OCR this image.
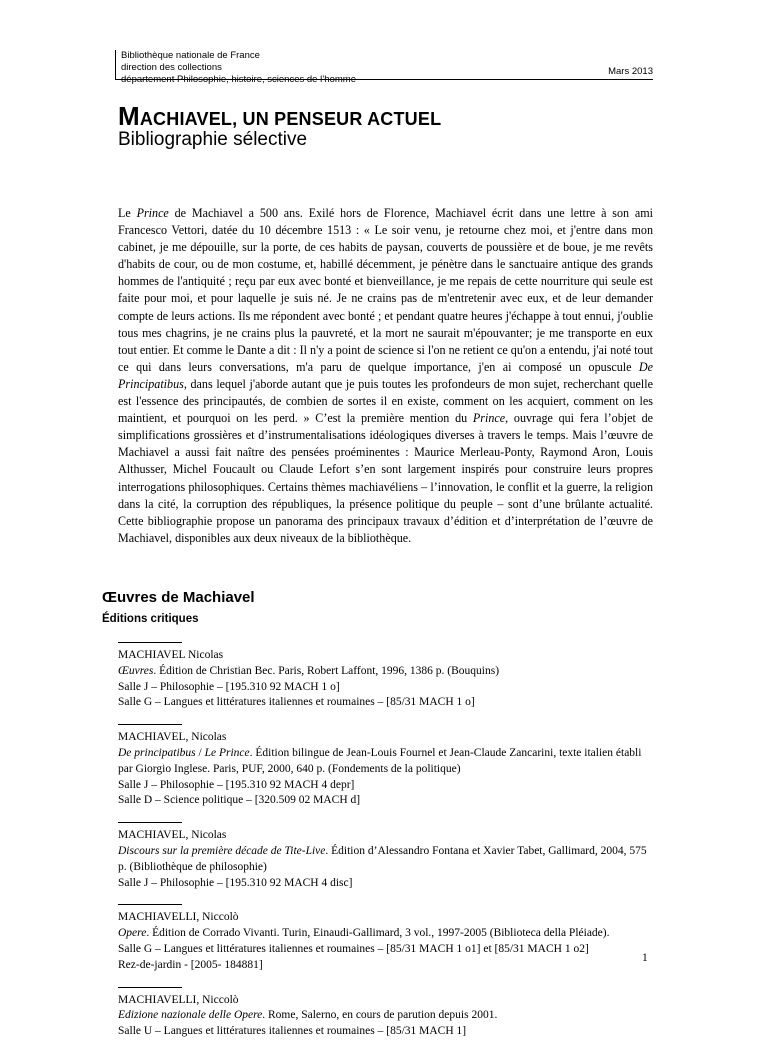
Bibliothèque nationale de France
direction des collections
département Philosophie, histoire, sciences de l’homme
Mars 2013
MACHIAVEL, UN PENSEUR ACTUEL
Bibliographie sélective

Le Prince de Machiavel a 500 ans. Exilé hors de Florence, Machiavel écrit dans une lettre à son ami Francesco Vettori, datée du 10 décembre 1513 : « Le soir venu, je retourne chez moi, et j'entre dans mon cabinet, je me dépouille, sur la porte, de ces habits de paysan, couverts de poussière et de boue, je me revêts d'habits de cour, ou de mon costume, et, habillé décemment, je pénètre dans le sanctuaire antique des grands hommes de l'antiquité ; reçu par eux avec bonté et bienveillance, je me repais de cette nourriture qui seule est faite pour moi, et pour laquelle je suis né. Je ne crains pas de m'entretenir avec eux, et de leur demander compte de leurs actions. Ils me répondent avec bonté ; et pendant quatre heures j'échappe à tout ennui, j'oublie tous mes chagrins, je ne crains plus la pauvreté, et la mort ne saurait m'épouvanter; je me transporte en eux tout entier. Et comme le Dante a dit : Il n'y a point de science si l'on ne retient ce qu'on a entendu, j'ai noté tout ce qui dans leurs conversations, m'a paru de quelque importance, j'en ai composé un opuscule De Principatibus, dans lequel j'aborde autant que je puis toutes les profondeurs de mon sujet, recherchant quelle est l'essence des principautés, de combien de sortes il en existe, comment on les acquiert, comment on les maintient, et pourquoi on les perd. » C’est la première mention du Prince, ouvrage qui fera l’objet de simplifications grossières et d’instrumentalisations idéologiques diverses à travers le temps. Mais l’œuvre de Machiavel a aussi fait naître des pensées proéminentes : Maurice Merleau-Ponty, Raymond Aron, Louis Althusser, Michel Foucault ou Claude Lefort s’en sont largement inspirés pour construire leurs propres interrogations philosophiques. Certains thèmes machiavéliens – l’innovation, le conflit et la guerre, la religion dans la cité, la corruption des républiques, la présence politique du peuple – sont d’une brûlante actualité. Cette bibliographie propose un panorama des principaux travaux d’édition et d’interprétation de l’œuvre de Machiavel, disponibles aux deux niveaux de la bibliothèque.

Œuvres de Machiavel
Éditions critiques
MACHIAVEL Nicolas
Œuvres. Édition de Christian Bec. Paris, Robert Laffont, 1996, 1386 p. (Bouquins)
Salle J – Philosophie – [195.310 92 MACH 1 o]
Salle G – Langues et littératures italiennes et roumaines – [85/31 MACH 1 o]
MACHIAVEL, Nicolas
De principatibus / Le Prince. Édition bilingue de Jean-Louis Fournel et Jean-Claude Zancarini, texte italien établi par Giorgio Inglese. Paris, PUF, 2000, 640 p. (Fondements de la politique)
Salle J – Philosophie – [195.310 92 MACH 4 depr]
Salle D – Science politique – [320.509 02 MACH d]
MACHIAVEL, Nicolas
Discours sur la première décade de Tite-Live. Édition d’Alessandro Fontana et Xavier Tabet, Gallimard, 2004, 575 p. (Bibliothèque de philosophie)
Salle J – Philosophie – [195.310 92 MACH 4 disc]
MACHIAVELLI, Niccolò
Opere. Édition de Corrado Vivanti. Turin, Einaudi-Gallimard, 3 vol., 1997-2005 (Biblioteca della Pléiade).
Salle G – Langues et littératures italiennes et roumaines – [85/31 MACH 1 o1] et [85/31 MACH 1 o2]
Rez-de-jardin - [2005- 184881]
MACHIAVELLI, Niccolò
Edizione nazionale delle Opere. Rome, Salerno, en cours de parution depuis 2001.
Salle U – Langues et littératures italiennes et roumaines – [85/31 MACH 1]
1
